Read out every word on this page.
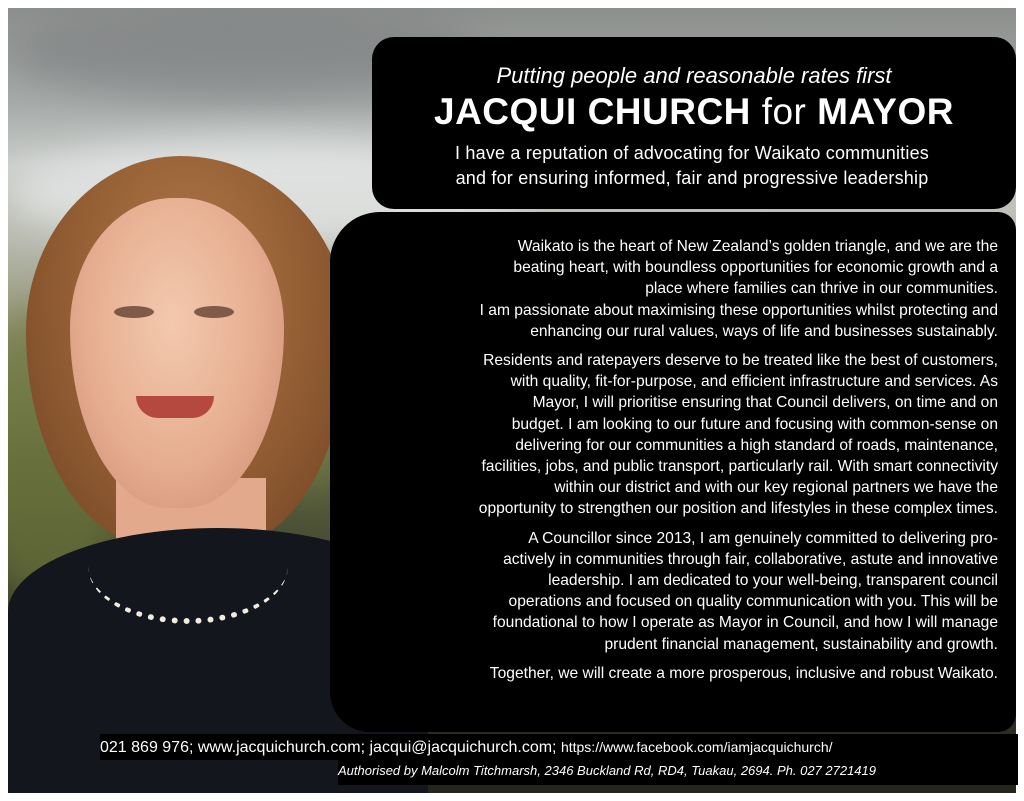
Putting people and reasonable rates first
JACQUI CHURCH for MAYOR
I have a reputation of advocating for Waikato communities
and for ensuring informed, fair and progressive leadership

Waikato is the heart of New Zealand’s golden triangle, and we are the
beating heart, with boundless opportunities for economic growth and a
place where families can thrive in our communities.
I am passionate about maximising these opportunities whilst protecting and
enhancing our rural values, ways of life and businesses sustainably.

Residents and ratepayers deserve to be treated like the best of customers,
with quality, fit-for-purpose, and efficient infrastructure and services. As
Mayor, I will prioritise ensuring that Council delivers, on time and on
budget. I am looking to our future and focusing with common-sense on
delivering for our communities a high standard of roads, maintenance,
facilities, jobs, and public transport, particularly rail. With smart connectivity
within our district and with our key regional partners we have the
opportunity to strengthen our position and lifestyles in these complex times.

A Councillor since 2013, I am genuinely committed to delivering pro-
actively in communities through fair, collaborative, astute and innovative
leadership. I am dedicated to your well-being, transparent council
operations and focused on quality communication with you. This will be
foundational to how I operate as Mayor in Council, and how I will manage
prudent financial management, sustainability and growth.

Together, we will create a more prosperous, inclusive and robust Waikato.

021 869 976; www.jacquichurch.com; jacqui@jacquichurch.com; https://www.facebook.com/iamjacquichurch/
Authorised by Malcolm Titchmarsh, 2346 Buckland Rd, RD4, Tuakau, 2694. Ph. 027 2721419
